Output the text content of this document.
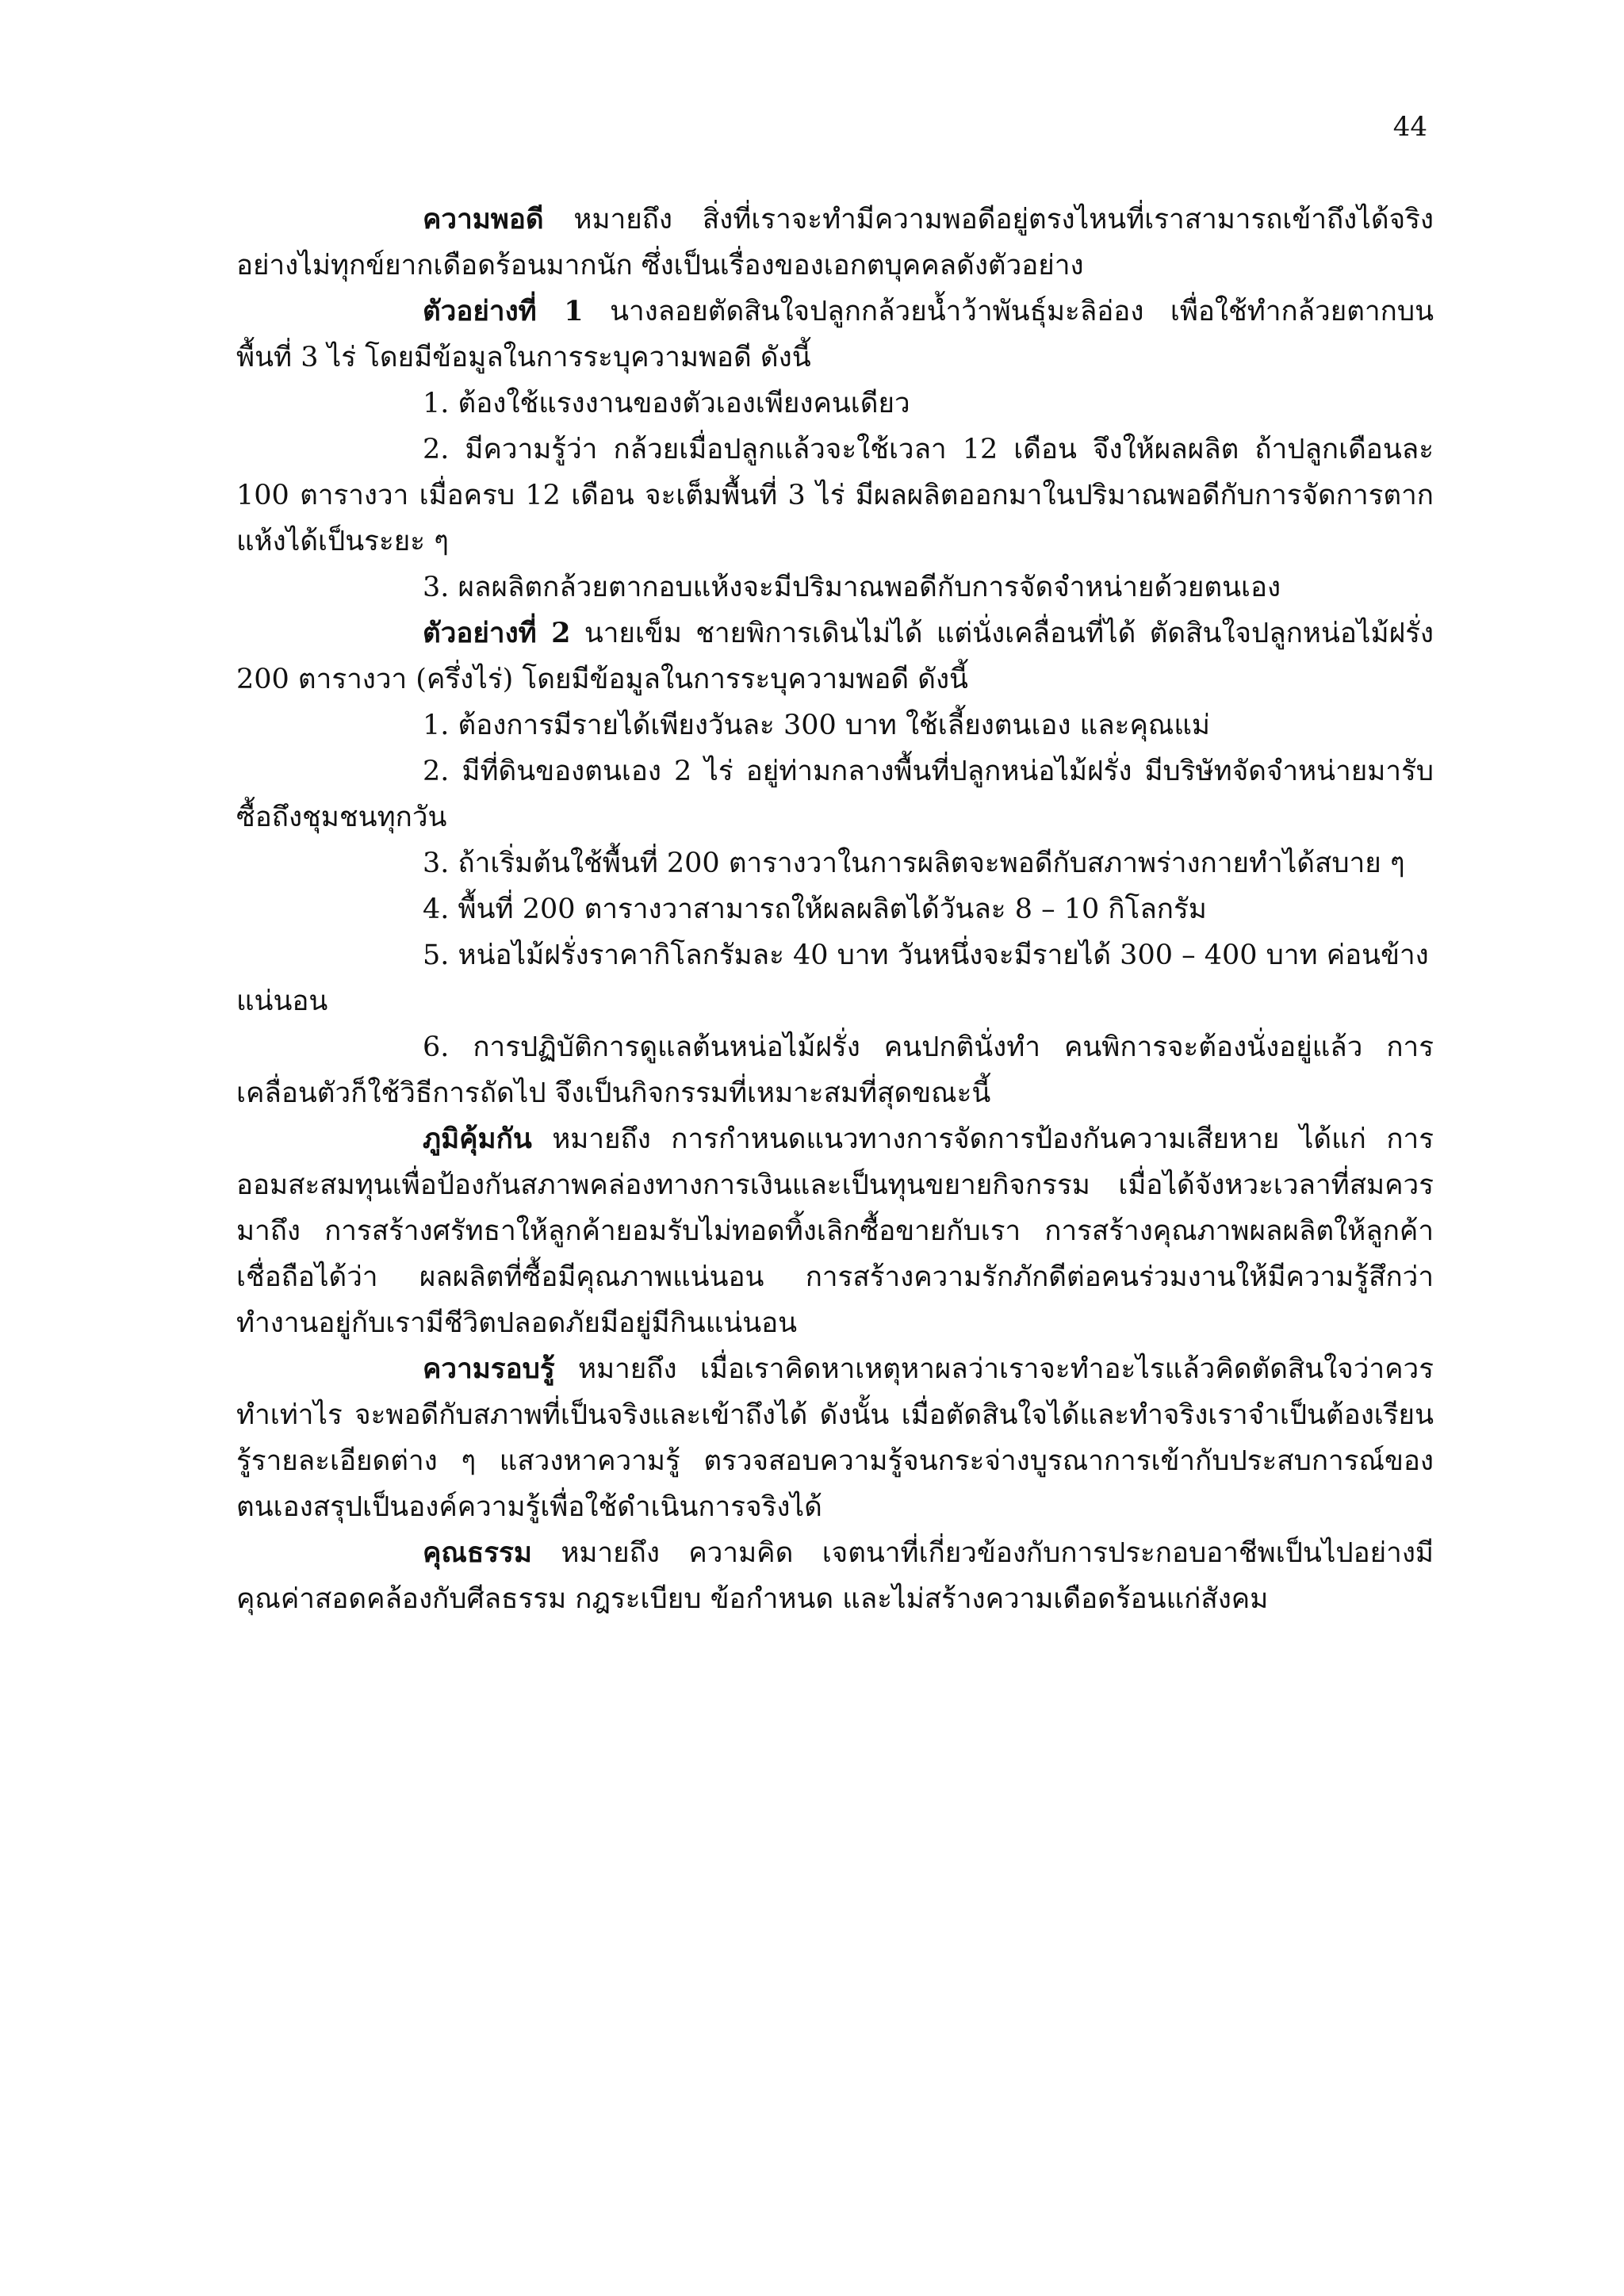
44

ความพอดี หมายถึง สิ่งที่เราจะทำมีความพอดีอยู่ตรงไหนที่เราสามารถเข้าถึงได้จริงอย่างไม่ทุกข์ยากเดือดร้อนมากนัก ซึ่งเป็นเรื่องของเอกตบุคคลดังตัวอย่าง

ตัวอย่างที่ 1 นางลอยตัดสินใจปลูกกล้วยน้ำว้าพันธุ์มะลิอ่อง เพื่อใช้ทำกล้วยตากบนพื้นที่ 3 ไร่ โดยมีข้อมูลในการระบุความพอดี ดังนี้

1. ต้องใช้แรงงานของตัวเองเพียงคนเดียว

2. มีความรู้ว่า กล้วยเมื่อปลูกแล้วจะใช้เวลา 12 เดือน จึงให้ผลผลิต ถ้าปลูกเดือนละ 100 ตารางวา เมื่อครบ 12 เดือน จะเต็มพื้นที่ 3 ไร่ มีผลผลิตออกมาในปริมาณพอดีกับการจัดการตากแห้งได้เป็นระยะ ๆ

3. ผลผลิตกล้วยตากอบแห้งจะมีปริมาณพอดีกับการจัดจำหน่ายด้วยตนเอง

ตัวอย่างที่ 2 นายเข็ม ชายพิการเดินไม่ได้ แต่นั่งเคลื่อนที่ได้ ตัดสินใจปลูกหน่อไม้ฝรั่ง 200 ตารางวา (ครึ่งไร่) โดยมีข้อมูลในการระบุความพอดี ดังนี้

1. ต้องการมีรายได้เพียงวันละ 300 บาท ใช้เลี้ยงตนเอง และคุณแม่

2. มีที่ดินของตนเอง 2 ไร่ อยู่ท่ามกลางพื้นที่ปลูกหน่อไม้ฝรั่ง มีบริษัทจัดจำหน่ายมารับซื้อถึงชุมชนทุกวัน

3. ถ้าเริ่มต้นใช้พื้นที่ 200 ตารางวาในการผลิตจะพอดีกับสภาพร่างกายทำได้สบาย ๆ

4. พื้นที่ 200 ตารางวาสามารถให้ผลผลิตได้วันละ 8 – 10 กิโลกรัม

5. หน่อไม้ฝรั่งราคากิโลกรัมละ 40 บาท วันหนึ่งจะมีรายได้ 300 – 400 บาท ค่อนข้างแน่นอน

6. การปฏิบัติการดูแลต้นหน่อไม้ฝรั่ง คนปกตินั่งทำ คนพิการจะต้องนั่งอยู่แล้ว การเคลื่อนตัวก็ใช้วิธีการถัดไป จึงเป็นกิจกรรมที่เหมาะสมที่สุดขณะนี้

ภูมิคุ้มกัน หมายถึง การกำหนดแนวทางการจัดการป้องกันความเสียหาย ได้แก่ การออมสะสมทุนเพื่อป้องกันสภาพคล่องทางการเงินและเป็นทุนขยายกิจกรรม เมื่อได้จังหวะเวลาที่สมควรมาถึง การสร้างศรัทธาให้ลูกค้ายอมรับไม่ทอดทิ้งเลิกซื้อขายกับเรา การสร้างคุณภาพผลผลิตให้ลูกค้าเชื่อถือได้ว่า ผลผลิตที่ซื้อมีคุณภาพแน่นอน การสร้างความรักภักดีต่อคนร่วมงานให้มีความรู้สึกว่า ทำงานอยู่กับเรามีชีวิตปลอดภัยมีอยู่มีกินแน่นอน

ความรอบรู้ หมายถึง เมื่อเราคิดหาเหตุหาผลว่าเราจะทำอะไรแล้วคิดตัดสินใจว่าควรทำเท่าไร จะพอดีกับสภาพที่เป็นจริงและเข้าถึงได้ ดังนั้น เมื่อตัดสินใจได้และทำจริงเราจำเป็นต้องเรียนรู้รายละเอียดต่าง ๆ แสวงหาความรู้ ตรวจสอบความรู้จนกระจ่างบูรณาการเข้ากับประสบการณ์ของตนเองสรุปเป็นองค์ความรู้เพื่อใช้ดำเนินการจริงได้

คุณธรรม หมายถึง ความคิด เจตนาที่เกี่ยวข้องกับการประกอบอาชีพเป็นไปอย่างมีคุณค่าสอดคล้องกับศีลธรรม กฎระเบียบ ข้อกำหนด และไม่สร้างความเดือดร้อนแก่สังคม
